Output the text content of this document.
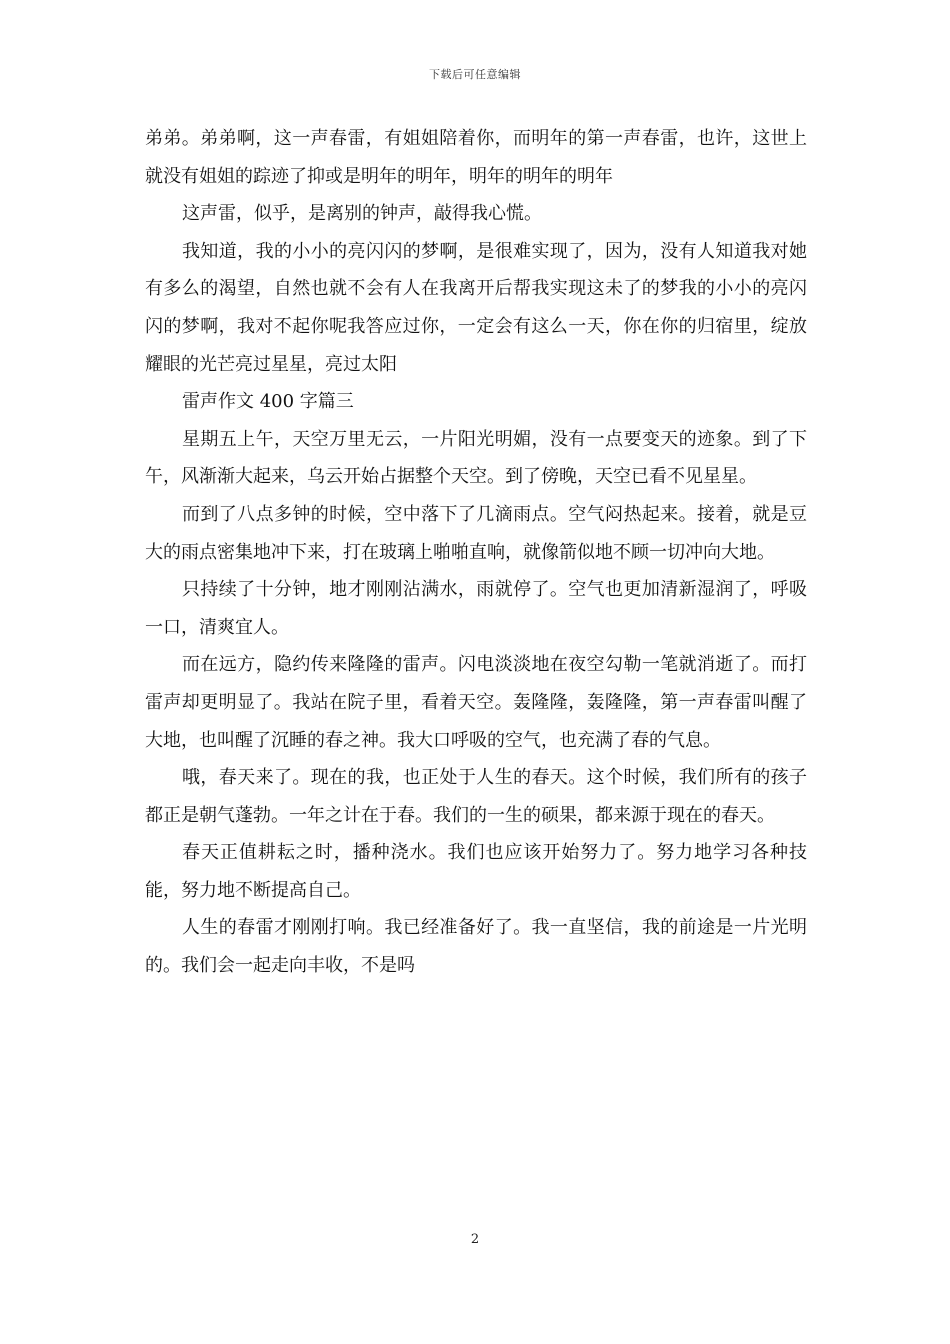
下载后可任意编辑

弟弟。弟弟啊，这一声春雷，有姐姐陪着你，而明年的第一声春雷，也许，这世上就没有姐姐的踪迹了抑或是明年的明年，明年的明年的明年

这声雷，似乎，是离别的钟声，敲得我心慌。

我知道，我的小小的亮闪闪的梦啊，是很难实现了，因为，没有人知道我对她有多么的渴望，自然也就不会有人在我离开后帮我实现这未了的梦我的小小的亮闪闪的梦啊，我对不起你呢我答应过你，一定会有这么一天，你在你的归宿里，绽放耀眼的光芒亮过星星，亮过太阳

雷声作文 400 字篇三

星期五上午，天空万里无云，一片阳光明媚，没有一点要变天的迹象。到了下午，风渐渐大起来，乌云开始占据整个天空。到了傍晚，天空已看不见星星。

而到了八点多钟的时候，空中落下了几滴雨点。空气闷热起来。接着，就是豆大的雨点密集地冲下来，打在玻璃上啪啪直响，就像箭似地不顾一切冲向大地。

只持续了十分钟，地才刚刚沾满水，雨就停了。空气也更加清新湿润了，呼吸一口，清爽宜人。

而在远方，隐约传来隆隆的雷声。闪电淡淡地在夜空勾勒一笔就消逝了。而打雷声却更明显了。我站在院子里，看着天空。轰隆隆，轰隆隆，第一声春雷叫醒了大地，也叫醒了沉睡的春之神。我大口呼吸的空气，也充满了春的气息。

哦，春天来了。现在的我，也正处于人生的春天。这个时候，我们所有的孩子都正是朝气蓬勃。一年之计在于春。我们的一生的硕果，都来源于现在的春天。

春天正值耕耘之时，播种浇水。我们也应该开始努力了。努力地学习各种技能，努力地不断提高自己。

人生的春雷才刚刚打响。我已经准备好了。我一直坚信，我的前途是一片光明的。我们会一起走向丰收，不是吗

2
